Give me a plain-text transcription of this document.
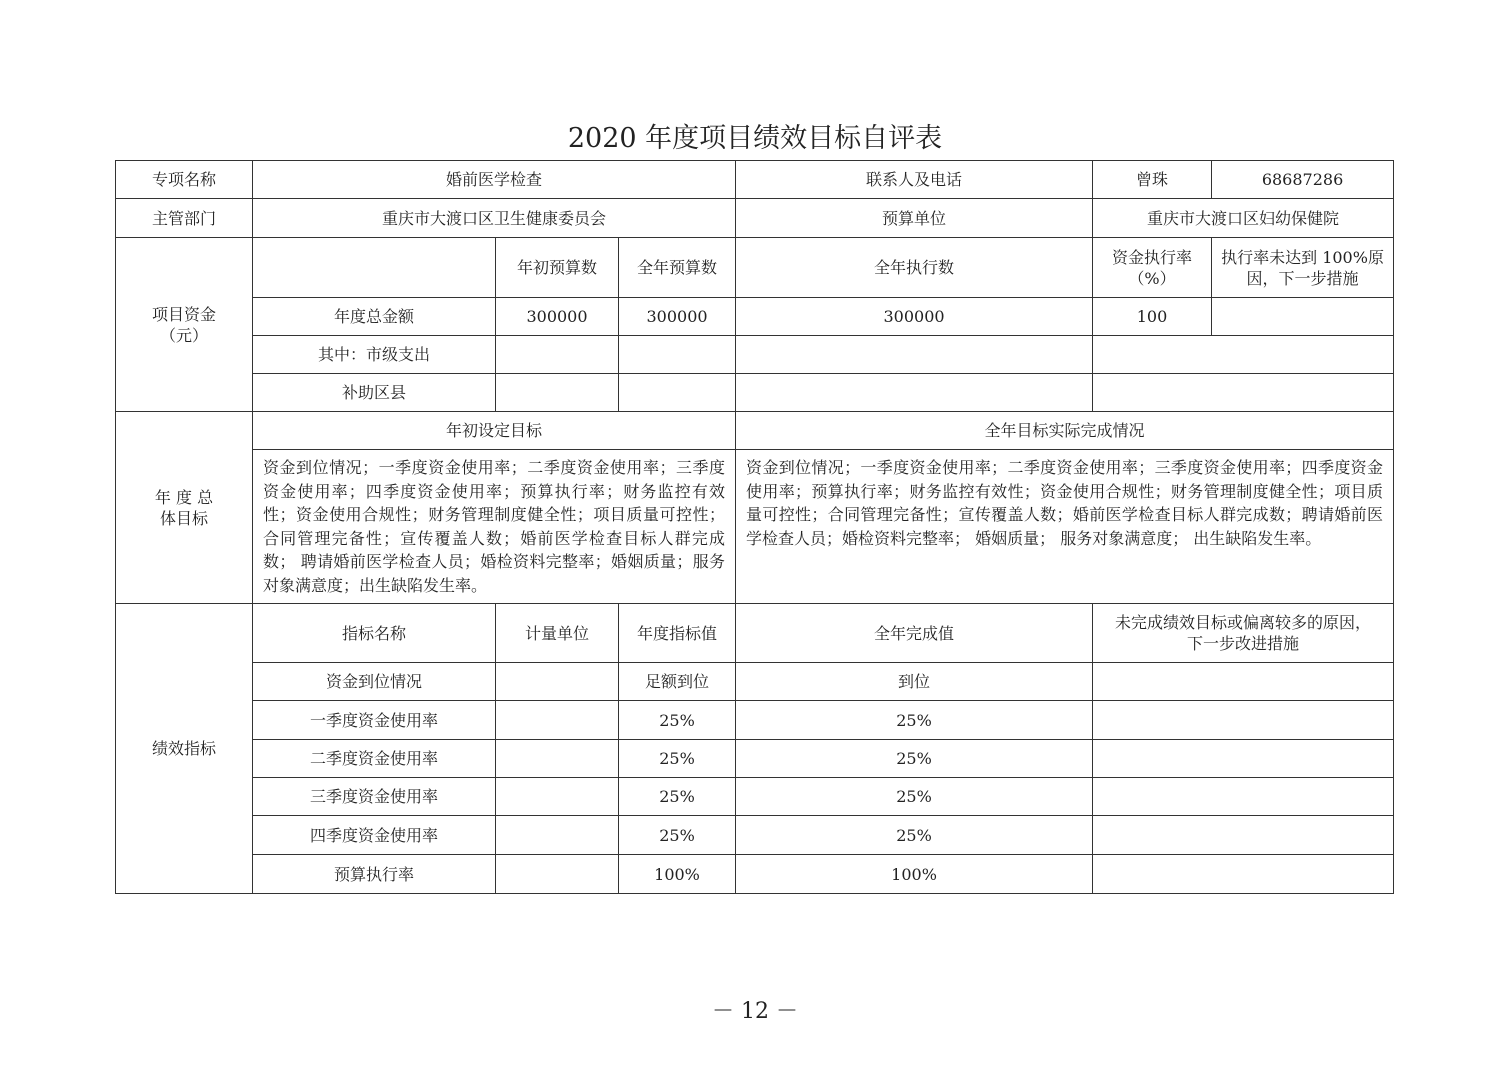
2020 年度项目绩效目标自评表
专项名称	婚前医学检查			联系人及电话	曾珠	68687286
主管部门	重庆市大渡口区卫生健康委员会			预算单位	重庆市大渡口区妇幼保健院	
项目资金（元）		年初预算数	全年预算数	全年执行数	资金执行率（%）	执行率未达到 100%原因，下一步措施
	年度总金额	300000	300000	300000	100	
	其中：市级支出					
	补助区县					
年 度 总体目标	年初设定目标			全年目标实际完成情况		
	资金到位情况；一季度资金使用率；二季度资金使用率；三季度资金使用率；四季度资金使用率；预算执行率；财务监控有效性；资金使用合规性；财务管理制度健全性；项目质量可控性；合同管理完备性；宣传覆盖人数；婚前医学检查目标人群完成数； 聘请婚前医学检查人员；婚检资料完整率；婚姻质量；服务对象满意度；出生缺陷发生率。			资金到位情况；一季度资金使用率；二季度资金使用率；三季度资金使用率；四季度资金使用率；预算执行率；财务监控有效性；资金使用合规性；财务管理制度健全性；项目质量可控性；合同管理完备性；宣传覆盖人数；婚前医学检查目标人群完成数；聘请婚前医学检查人员；婚检资料完整率； 婚姻质量； 服务对象满意度； 出生缺陷发生率。		
绩效指标	指标名称	计量单位	年度指标值	全年完成值	未完成绩效目标或偏离较多的原因，下一步改进措施	
	资金到位情况		足额到位	到位		
	一季度资金使用率		25%	25%		
	二季度资金使用率		25%	25%		
	三季度资金使用率		25%	25%		
	四季度资金使用率		25%	25%		
	预算执行率		100%	100%		
－ 12 －
